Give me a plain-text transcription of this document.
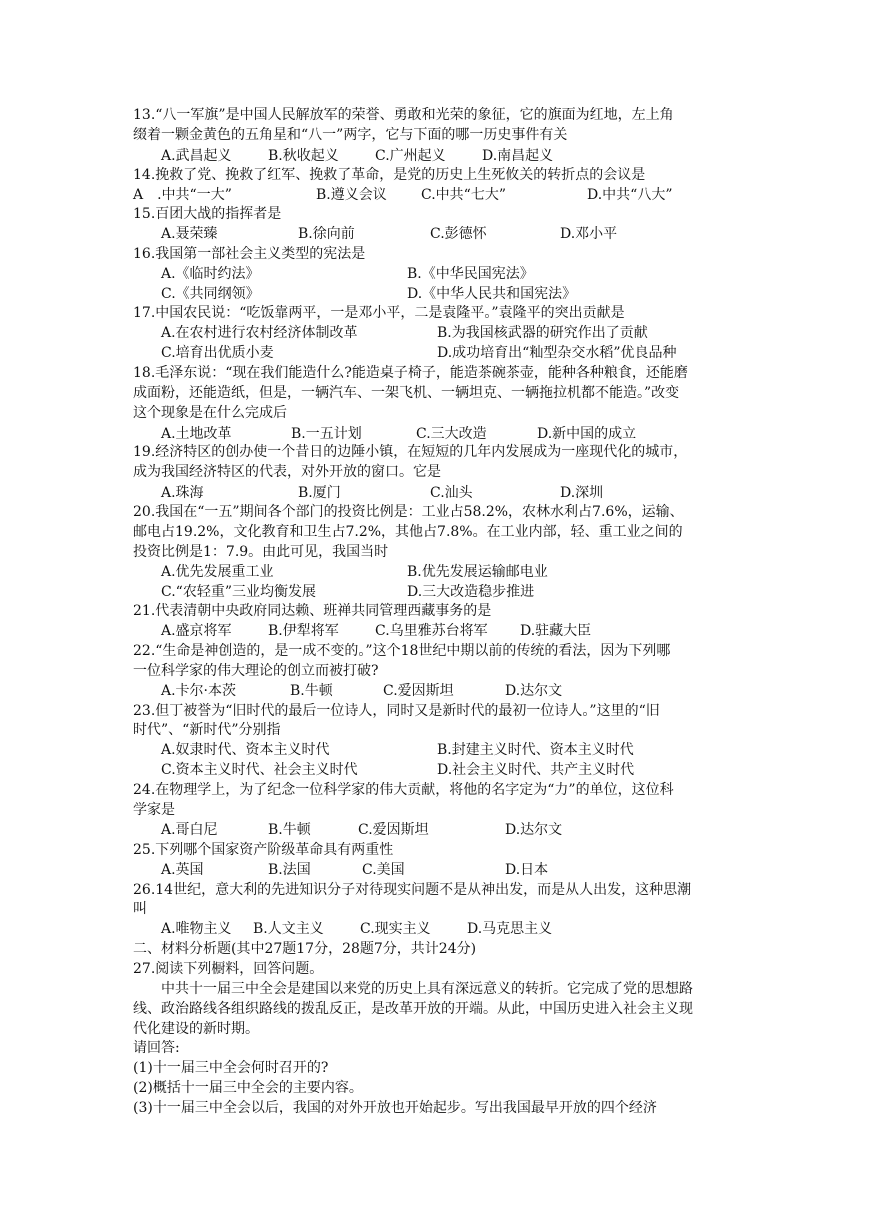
13.“八一军旗”是中国人民解放军的荣誉、勇敢和光荣的象征，它的旗面为红地，左上角
缀着一颗金黄色的五角星和“八一”两字，它与下面的哪一历史事件有关
A.武昌起义	B.秋收起义	C.广州起义	D.南昌起义
14.挽救了党、挽救了红军、挽救了革命，是党的历史上生死攸关的转折点的会议是
A　.中共“一大”	B.遵义会议 C.中共“七大”	D.中共“八大”
15.百团大战的指挥者是
A.聂荣臻	B.徐向前	C.彭德怀	D.邓小平
16.我国第一部社会主义类型的宪法是
A.《临时约法》	B.《中华民国宪法》
C.《共同纲领》	D.《中华人民共和国宪法》
17.中国农民说：“吃饭靠两平，一是邓小平，二是袁隆平。”袁隆平的突出贡献是
A.在农村进行农村经济体制改革	B.为我国核武器的研究作出了贡献
C.培育出优质小麦	D.成功培育出“籼型杂交水稻”优良品种
18.毛泽东说：“现在我们能造什么?能造桌子椅子，能造茶碗茶壶，能种各种粮食，还能磨
成面粉，还能造纸，但是，一辆汽车、一架飞机、一辆坦克、一辆拖拉机都不能造。”改变
这个现象是在什么完成后
A.土地改革	B.一五计划	C.三大改造	D.新中国的成立
19.经济特区的创办使一个昔日的边陲小镇，在短短的几年内发展成为一座现代化的城市，
成为我国经济特区的代表，对外开放的窗口。它是
A.珠海	B.厦门	C.汕头	D.深圳
20.我国在“一五”期间各个部门的投资比例是：工业占58.2%，农林水利占7.6%，运输、
邮电占19.2%，文化教育和卫生占7.2%，其他占7.8%。在工业内部，轻、重工业之间的
投资比例是1：7.9。由此可见，我国当时
A.优先发展重工业	B.优先发展运输邮电业
C.“农轻重”三业均衡发展	D.三大改造稳步推进
21.代表清朝中央政府同达赖、班禅共同管理西藏事务的是
A.盛京将军	B.伊犁将军	C.乌里雅苏台将军 D.驻藏大臣
22.“生命是神创造的，是一成不变的。”这个18世纪中期以前的传统的看法，因为下列哪
一位科学家的伟大理论的创立而被打破?
A.卡尔·本茨	B.牛顿	C.爱因斯坦	D.达尔文
23.但丁被誉为“旧时代的最后一位诗人，同时又是新时代的最初一位诗人。”这里的“旧
时代”、“新时代”分别指
A.奴隶时代、资本主义时代	B.封建主义时代、资本主义时代
C.资本主义时代、社会主义时代	D.社会主义时代、共产主义时代
24.在物理学上，为了纪念一位科学家的伟大贡献，将他的名字定为“力”的单位，这位科
学家是
A.哥白尼	B.牛顿	C.爱因斯坦	D.达尔文
25.下列哪个国家资产阶级革命具有两重性
A.英国	B.法国	C.美国	D.日本
26.14世纪，意大利的先进知识分子对待现实问题不是从神出发，而是从人出发，这种思潮
叫
A.唯物主义 B.人文主义	C.现实主义	D.马克思主义
二、材料分析题(其中27题17分，28题7分，共计24分)
27.阅读下列橱料，回答问题。
中共十一届三中全会是建国以来党的历史上具有深远意义的转折。它完成了党的思想路
线、政治路线各组织路线的拨乱反正，是改革开放的开端。从此，中国历史进入社会主义现
代化建设的新时期。
请回答:
(1)十一届三中全会何时召开的?
(2)概括十一届三中全会的主要内容。
(3)十一届三中全会以后，我国的对外开放也开始起步。写出我国最早开放的四个经济
